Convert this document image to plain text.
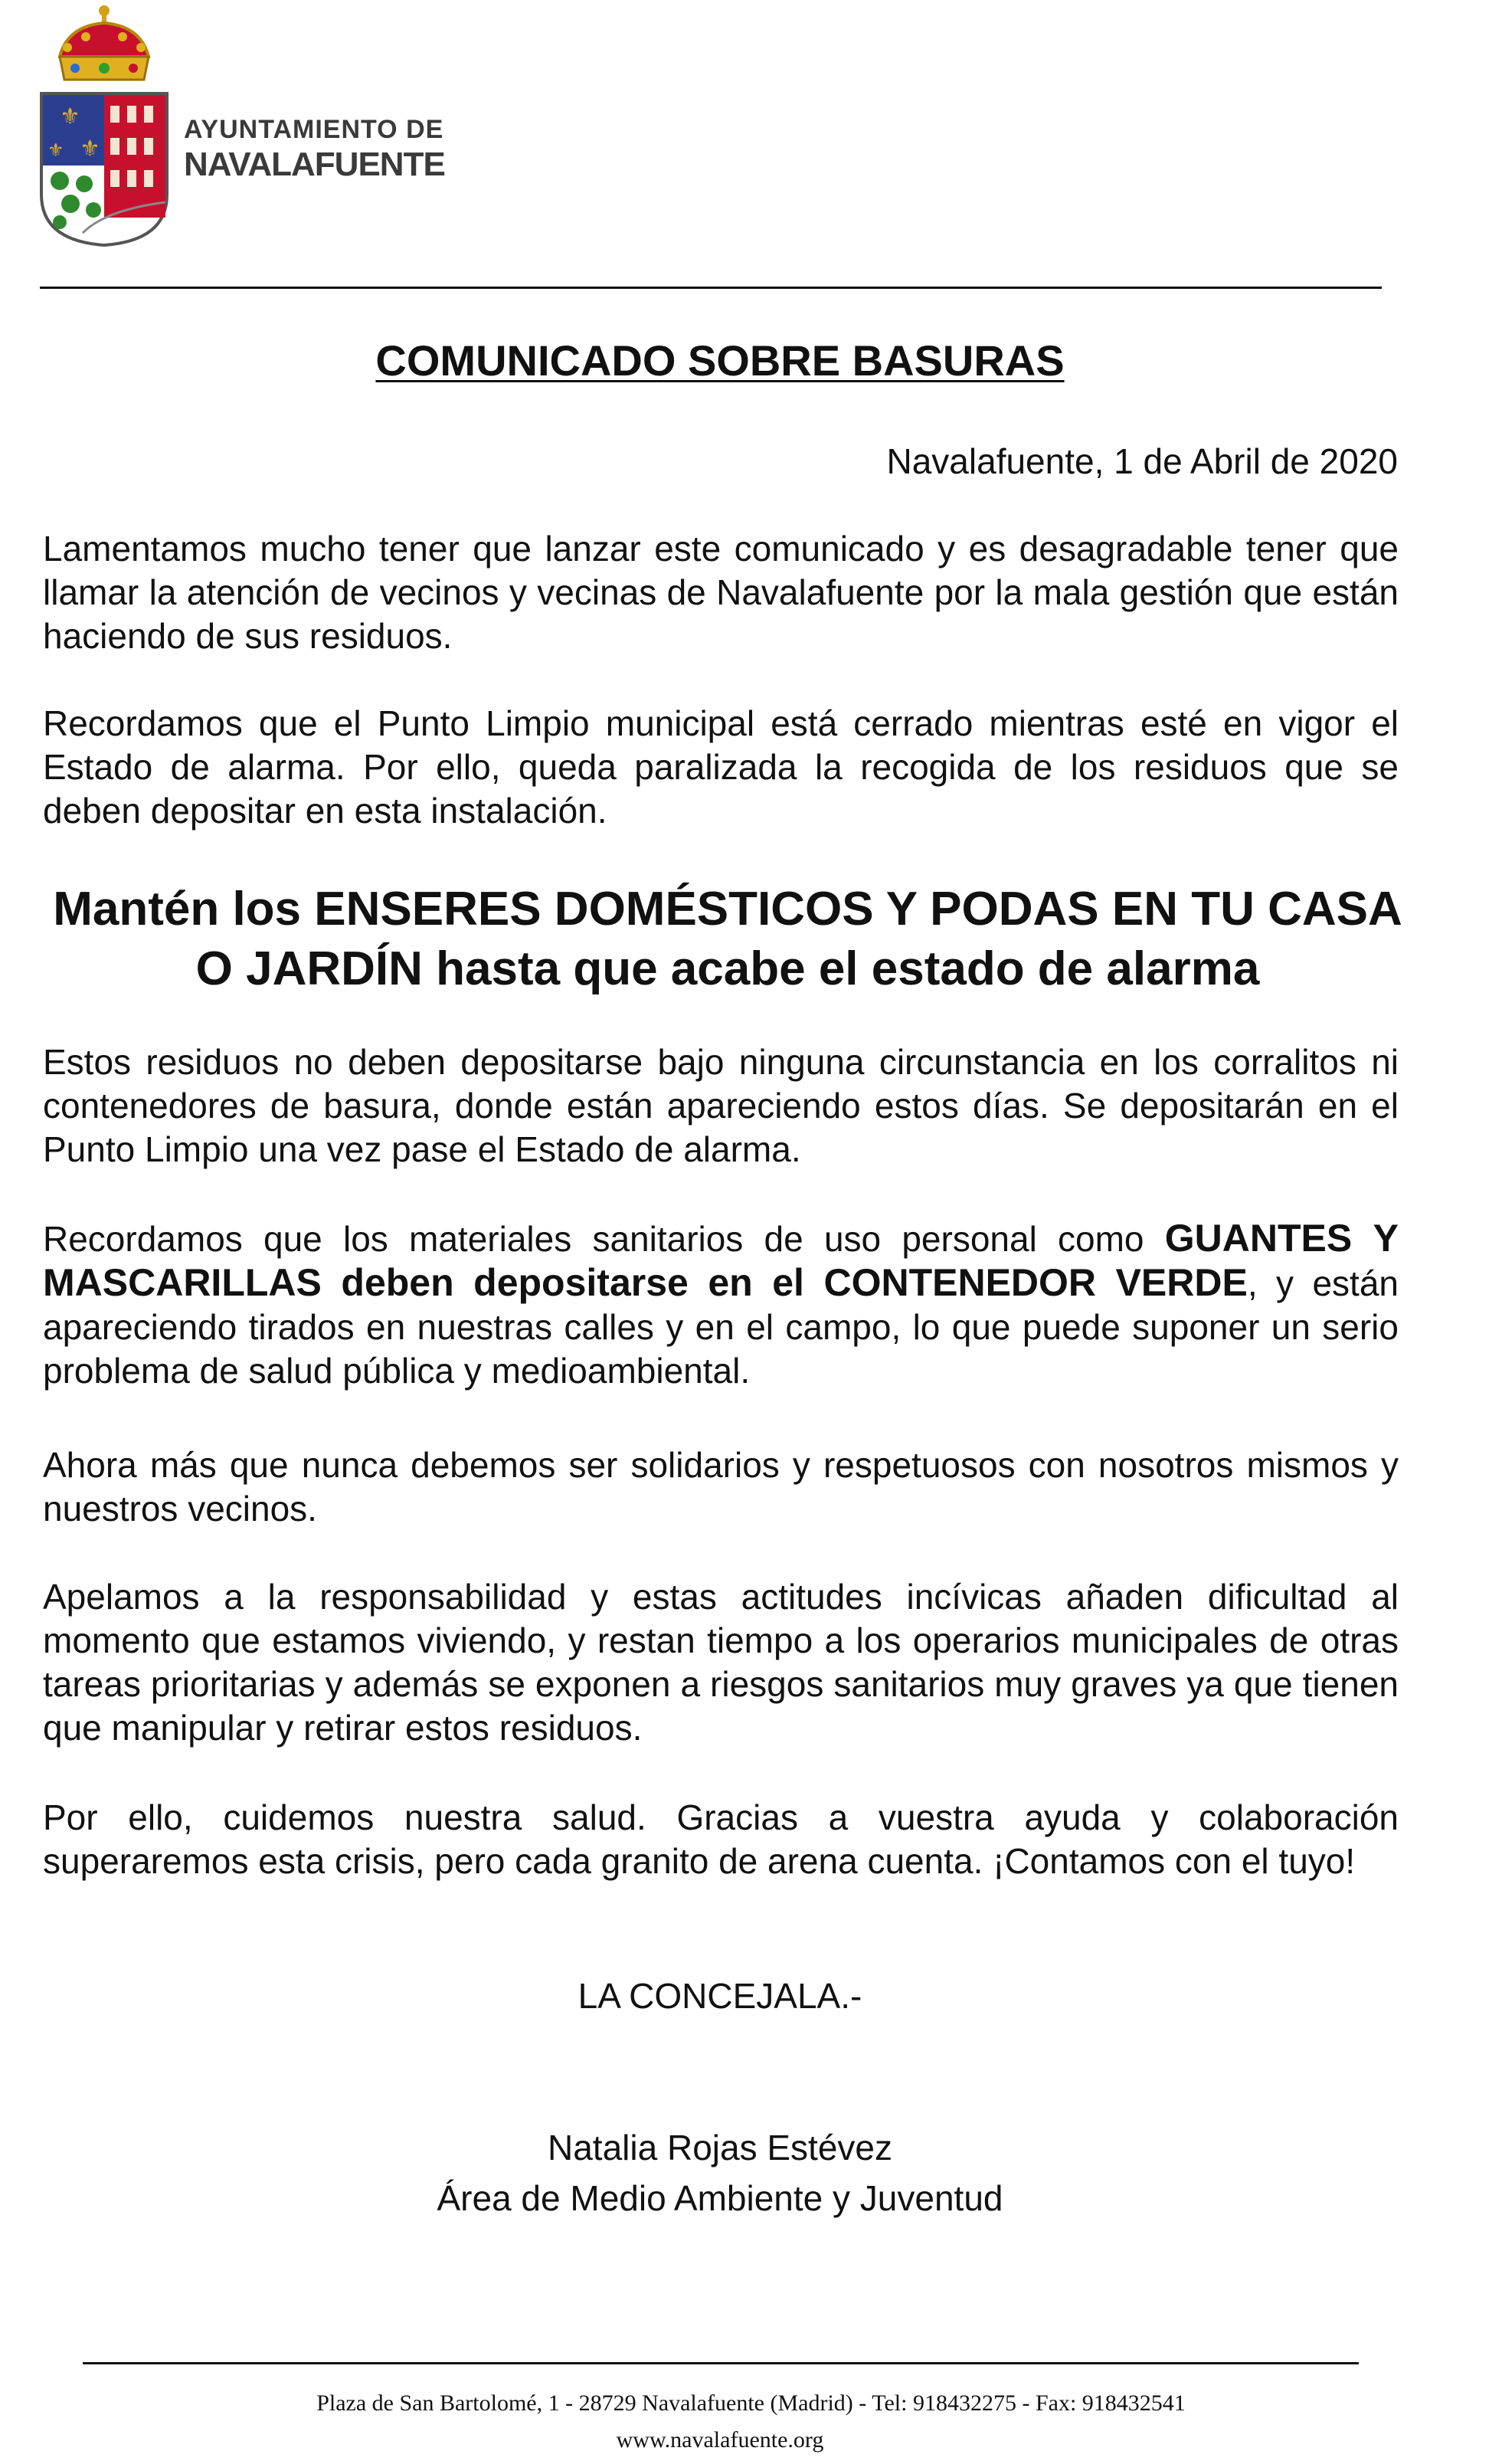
⚜
⚜
⚜
AYUNTAMIENTO DE
NAVALAFUENTE
COMUNICADO SOBRE BASURAS
Navalafuente, 1 de Abril de 2020

Lamentamos mucho tener que lanzar este comunicado y es desagradable tener que llamar la atención de vecinos y vecinas de Navalafuente por la mala gestión que están haciendo de sus residuos.

Recordamos que el Punto Limpio municipal está cerrado mientras esté en vigor el Estado de alarma. Por ello, queda paralizada la recogida de los residuos que se deben depositar en esta instalación.

Mantén los ENSERES DOMÉSTICOS Y PODAS EN TU CASA O JARDÍN hasta que acabe el estado de alarma

Estos residuos no deben depositarse bajo ninguna circunstancia en los corralitos ni contenedores de basura, donde están apareciendo estos días. Se depositarán en el Punto Limpio una vez pase el Estado de alarma.

Recordamos que los materiales sanitarios de uso personal como GUANTES Y MASCARILLAS deben depositarse en el CONTENEDOR VERDE, y están apareciendo tirados en nuestras calles y en el campo, lo que puede suponer un serio problema de salud pública y medioambiental.

Ahora más que nunca debemos ser solidarios y respetuosos con nosotros mismos y nuestros vecinos.

Apelamos a la responsabilidad y estas actitudes incívicas añaden dificultad al momento que estamos viviendo, y restan tiempo a los operarios municipales de otras tareas prioritarias y además se exponen a riesgos sanitarios muy graves ya que tienen que manipular y retirar estos residuos.

Por ello, cuidemos nuestra salud. Gracias a vuestra ayuda y colaboración superaremos esta crisis, pero cada granito de arena cuenta. ¡Contamos con el tuyo!

LA CONCEJALA.-
Natalia Rojas Estévez
Área de Medio Ambiente y Juventud
Plaza de San Bartolomé, 1 - 28729 Navalafuente (Madrid) - Tel: 918432275 - Fax: 918432541
www.navalafuente.org
